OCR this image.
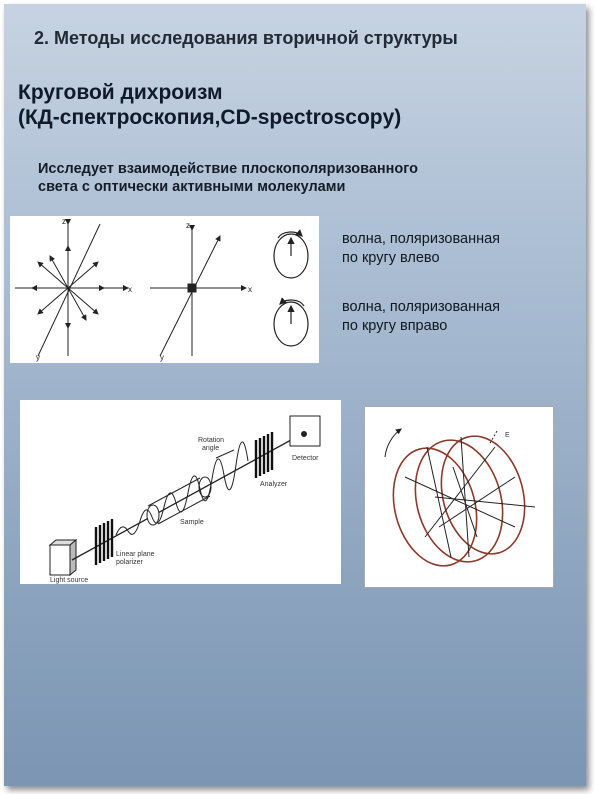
2. Методы исследования вторичной структуры
Круговой дихроизм
(КД-спектроскопия,CD-spectroscopy)

Исследует взаимодействие плоскополяризованного
света с оптически активными молекулами

z
x
y
z
x
y

волна, поляризованная
по кругу влево

волна, поляризованная
по кругу вправо

Rotation
angle
Detector
Analyzer
Sample
Linear plane
polarizer
Light source
E
